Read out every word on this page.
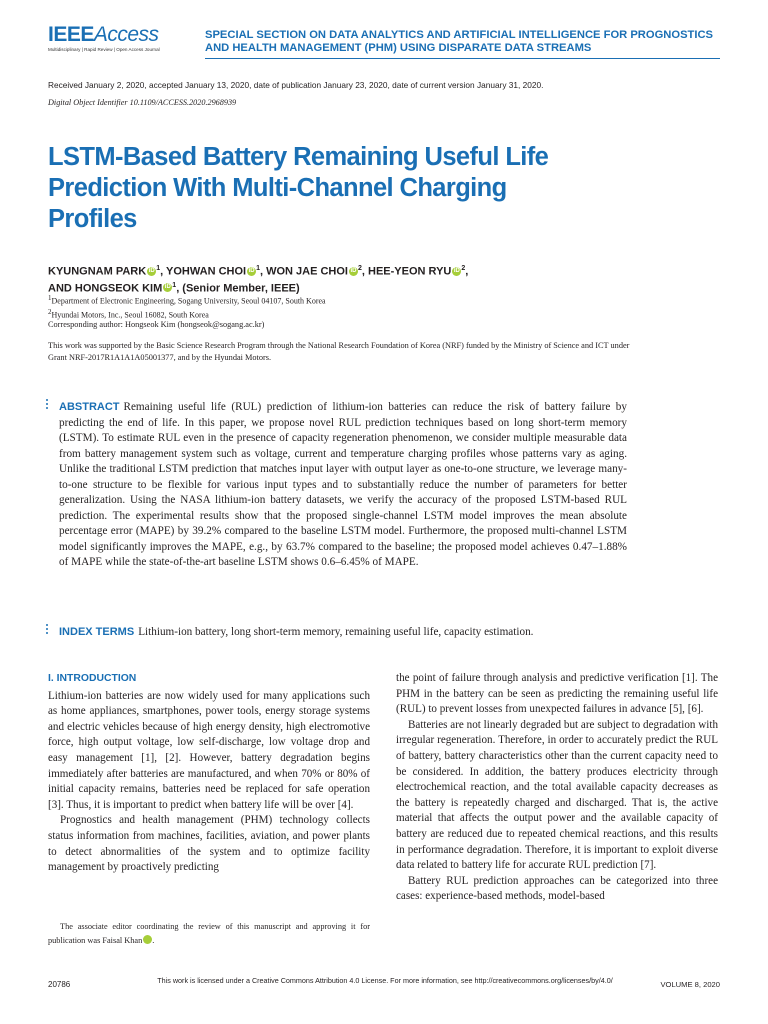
IEEEAccess
Multidisciplinary | Rapid Review | Open Access Journal
SPECIAL SECTION ON DATA ANALYTICS AND ARTIFICIAL INTELLIGENCE FOR PROGNOSTICS AND HEALTH MANAGEMENT (PHM) USING DISPARATE DATA STREAMS
Received January 2, 2020, accepted January 13, 2020, date of publication January 23, 2020, date of current version January 31, 2020.
Digital Object Identifier 10.1109/ACCESS.2020.2968939
LSTM-Based Battery Remaining Useful Life Prediction With Multi-Channel Charging Profiles
KYUNGNAM PARK iD $^1$, YOHWAN CHOI iD $^1$, WON JAE CHOI iD $^2$, HEE-YEON RYU iD $^2$,
AND HONGSEOK KIM iD $^1$, (Senior Member, IEEE)
$^1$Department of Electronic Engineering, Sogang University, Seoul 04107, South Korea
$^2$Hyundai Motors, Inc., Seoul 16082, South Korea
Corresponding author: Hongseok Kim (hongseok@sogang.ac.kr)
This work was supported by the Basic Science Research Program through the National Research Foundation of Korea (NRF) funded by the Ministry of Science and ICT under Grant NRF-2017R1A1A1A05001377, and by the Hyundai Motors.
ABSTRACT Remaining useful life (RUL) prediction of lithium-ion batteries can reduce the risk of battery failure by predicting the end of life. In this paper, we propose novel RUL prediction techniques based on long short-term memory (LSTM). To estimate RUL even in the presence of capacity regeneration phenomenon, we consider multiple measurable data from battery management system such as voltage, current and temperature charging profiles whose patterns vary as aging. Unlike the traditional LSTM prediction that matches input layer with output layer as one-to-one structure, we leverage many-to-one structure to be flexible for various input types and to substantially reduce the number of parameters for better generalization. Using the NASA lithium-ion battery datasets, we verify the accuracy of the proposed LSTM-based RUL prediction. The experimental results show that the proposed single-channel LSTM model improves the mean absolute percentage error (MAPE) by 39.2% compared to the baseline LSTM model. Furthermore, the proposed multi-channel LSTM model significantly improves the MAPE, e.g., by 63.7% compared to the baseline; the proposed model achieves 0.47–1.88% of MAPE while the state-of-the-art baseline LSTM shows 0.6–6.45% of MAPE.
INDEX TERMS Lithium-ion battery, long short-term memory, remaining useful life, capacity estimation.
I. INTRODUCTION

Lithium-ion batteries are now widely used for many applications such as home appliances, smartphones, power tools, energy storage systems and electric vehicles because of high energy density, high electromotive force, high output voltage, low self-discharge, low voltage drop and easy management [1], [2]. However, battery degradation begins immediately after batteries are manufactured, and when 70% or 80% of initial capacity remains, batteries need be replaced for safe operation [3]. Thus, it is important to predict when battery life will be over [4].

Prognostics and health management (PHM) technology collects status information from machines, facilities, aviation, and power plants to detect abnormalities of the system and to optimize facility management by proactively predicting

the point of failure through analysis and predictive verification [1]. The PHM in the battery can be seen as predicting the remaining useful life (RUL) to prevent losses from unexpected failures in advance [5], [6].

Batteries are not linearly degraded but are subject to degradation with irregular regeneration. Therefore, in order to accurately predict the RUL of battery, battery characteristics other than the current capacity need to be considered. In addition, the battery produces electricity through electrochemical reaction, and the total available capacity decreases as the battery is repeatedly charged and discharged. That is, the active material that affects the output power and the available capacity of battery are reduced due to repeated chemical reactions, and this results in performance degradation. Therefore, it is important to exploit diverse data related to battery life for accurate RUL prediction [7].

Battery RUL prediction approaches can be categorized into three cases: experience-based methods, model-based

The associate editor coordinating the review of this manuscript and approving it for publication was Faisal Khan iD.
20786	This work is licensed under a Creative Commons Attribution 4.0 License. For more information, see http://creativecommons.org/licenses/by/4.0/	VOLUME 8, 2020
